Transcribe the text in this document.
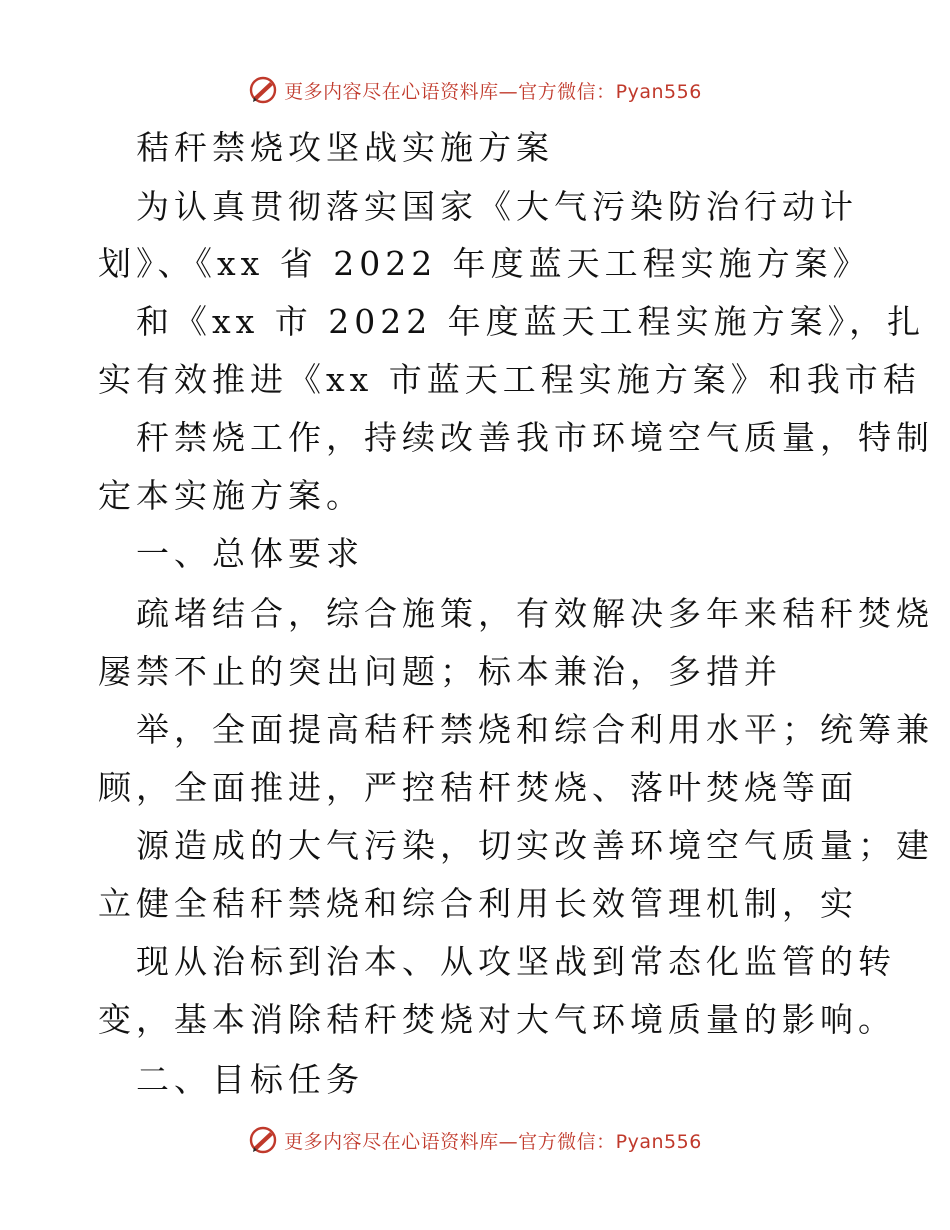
更多内容尽在心语资料库—官方微信：Pyan556
秸秆禁烧攻坚战实施方案
为认真贯彻落实国家《大气污染防治行动计
划》、《xx 省 2022 年度蓝天工程实施方案》
和《xx 市 2022 年度蓝天工程实施方案》，扎
实有效推进《xx 市蓝天工程实施方案》和我市秸
秆禁烧工作，持续改善我市环境空气质量，特制
定本实施方案。
一、总体要求
疏堵结合，综合施策，有效解决多年来秸秆焚烧
屡禁不止的突出问题；标本兼治，多措并
举，全面提高秸秆禁烧和综合利用水平；统筹兼
顾，全面推进，严控秸杆焚烧、落叶焚烧等面
源造成的大气污染，切实改善环境空气质量；建
立健全秸秆禁烧和综合利用长效管理机制，实
现从治标到治本、从攻坚战到常态化监管的转
变，基本消除秸秆焚烧对大气环境质量的影响。
二、目标任务
更多内容尽在心语资料库—官方微信：Pyan556
